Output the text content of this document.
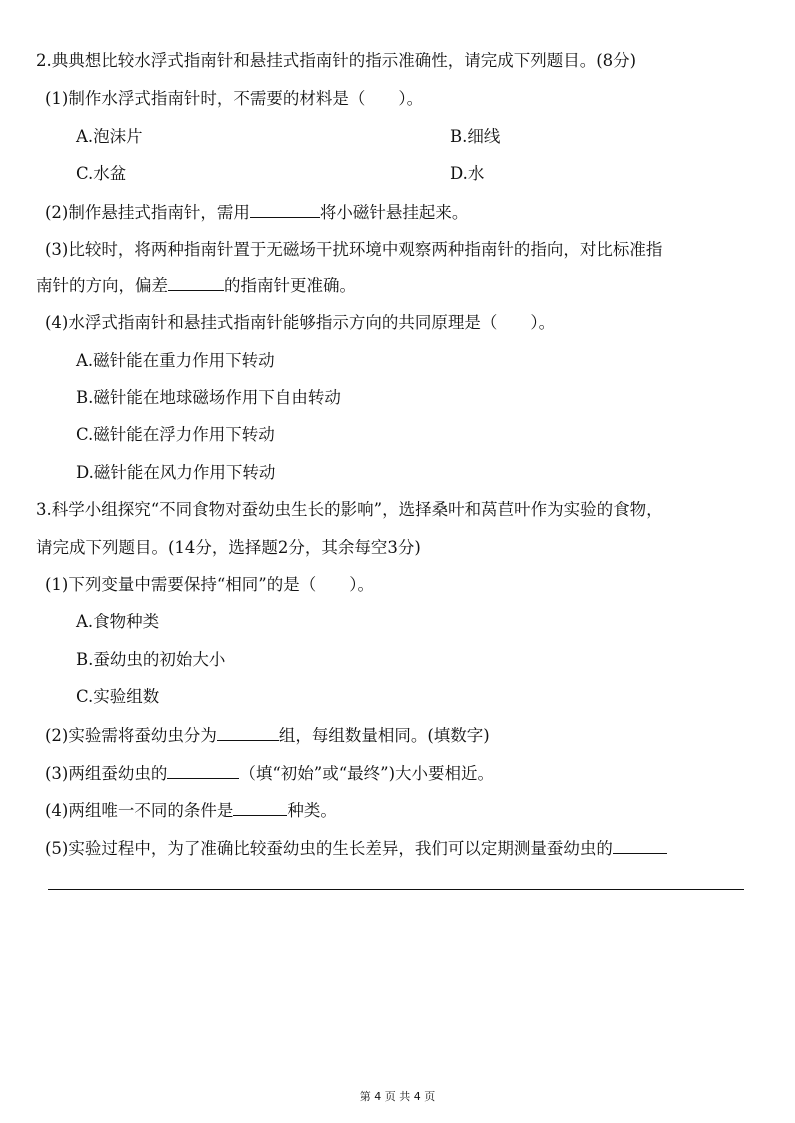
2.典典想比较水浮式指南针和悬挂式指南针的指示准确性，请完成下列题目。(8分)
(1)制作水浮式指南针时，不需要的材料是（　　）。
A.泡沫片	B.细线
C.水盆	D.水
(2)制作悬挂式指南针，需用	将小磁针悬挂起来。
(3)比较时，将两种指南针置于无磁场干扰环境中观察两种指南针的指向，对比标准指
南针的方向，偏差	的指南针更准确。
(4)水浮式指南针和悬挂式指南针能够指示方向的共同原理是（　　）。
A.磁针能在重力作用下转动
B.磁针能在地球磁场作用下自由转动
C.磁针能在浮力作用下转动
D.磁针能在风力作用下转动
3.科学小组探究“不同食物对蚕幼虫生长的影响”，选择桑叶和莴苣叶作为实验的食物，
请完成下列题目。(14分，选择题2分，其余每空3分)
(1)下列变量中需要保持“相同”的是（　　）。
A.食物种类
B.蚕幼虫的初始大小
C.实验组数
(2)实验需将蚕幼虫分为	组，每组数量相同。(填数字)
(3)两组蚕幼虫的	（填“初始”或“最终”)大小要相近。
(4)两组唯一不同的条件是	种类。
(5)实验过程中，为了准确比较蚕幼虫的生长差异，我们可以定期测量蚕幼虫的
第 4 页 共 4 页
